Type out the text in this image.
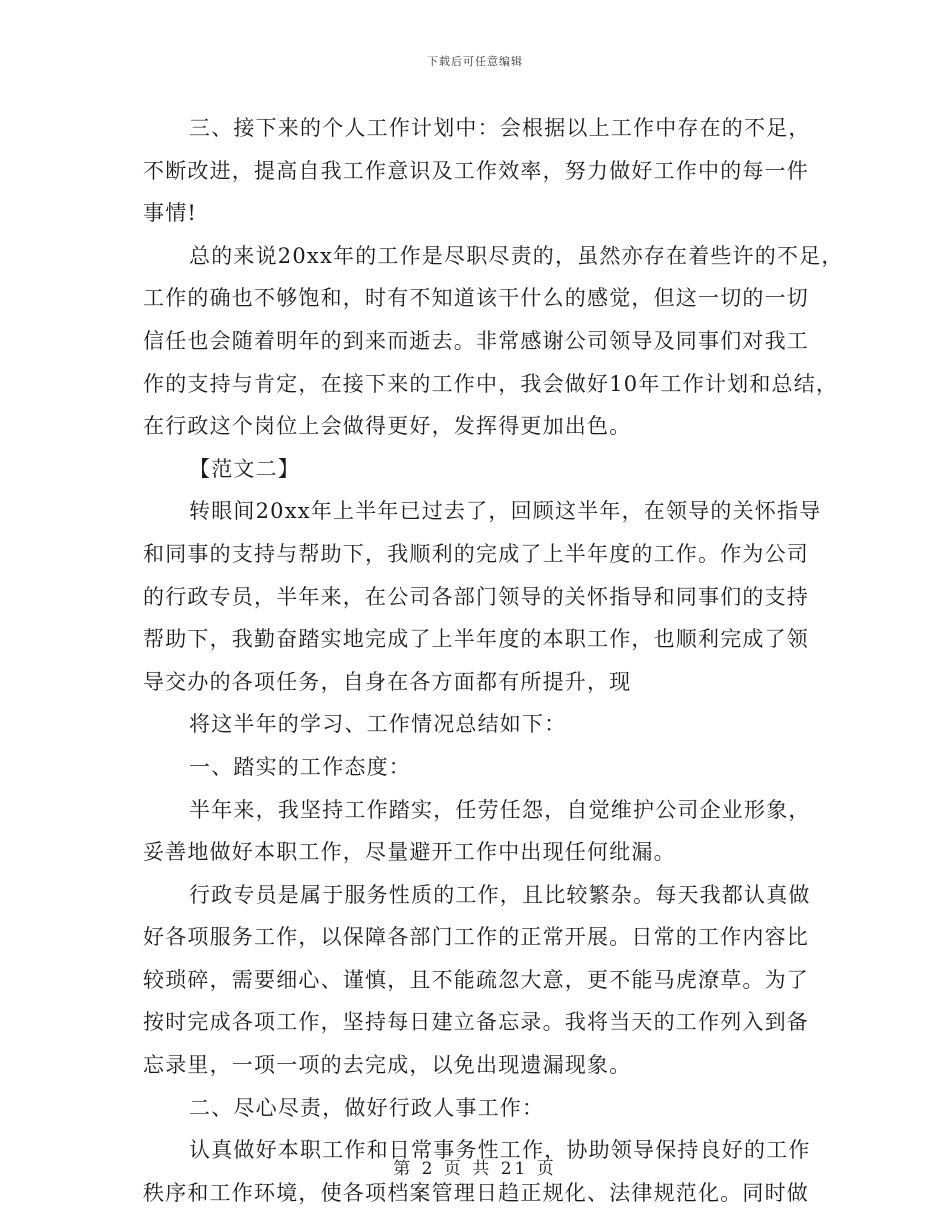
下载后可任意编辑
三、接下来的个人工作计划中：会根据以上工作中存在的不足，
不断改进，提高自我工作意识及工作效率，努力做好工作中的每一件
事情!
总的来说20xx年的工作是尽职尽责的，虽然亦存在着些许的不足，
工作的确也不够饱和，时有不知道该干什么的感觉，但这一切的一切
信任也会随着明年的到来而逝去。非常感谢公司领导及同事们对我工
作的支持与肯定，在接下来的工作中，我会做好10年工作计划和总结，
在行政这个岗位上会做得更好，发挥得更加出色。
【范文二】
转眼间20xx年上半年已过去了，回顾这半年，在领导的关怀指导
和同事的支持与帮助下，我顺利的完成了上半年度的工作。作为公司
的行政专员，半年来，在公司各部门领导的关怀指导和同事们的支持
帮助下，我勤奋踏实地完成了上半年度的本职工作，也顺利完成了领
导交办的各项任务，自身在各方面都有所提升，现
将这半年的学习、工作情况总结如下：
一、踏实的工作态度：
半年来，我坚持工作踏实，任劳任怨，自觉维护公司企业形象，
妥善地做好本职工作，尽量避开工作中出现任何纰漏。
行政专员是属于服务性质的工作，且比较繁杂。每天我都认真做
好各项服务工作，以保障各部门工作的正常开展。日常的工作内容比
较琐碎，需要细心、谨慎，且不能疏忽大意，更不能马虎潦草。为了
按时完成各项工作，坚持每日建立备忘录。我将当天的工作列入到备
忘录里，一项一项的去完成，以免出现遗漏现象。
二、尽心尽责，做好行政人事工作：
认真做好本职工作和日常事务性工作，协助领导保持良好的工作
秩序和工作环境，使各项档案管理日趋正规化、法律规范化。同时做
第 2 页 共 21 页
